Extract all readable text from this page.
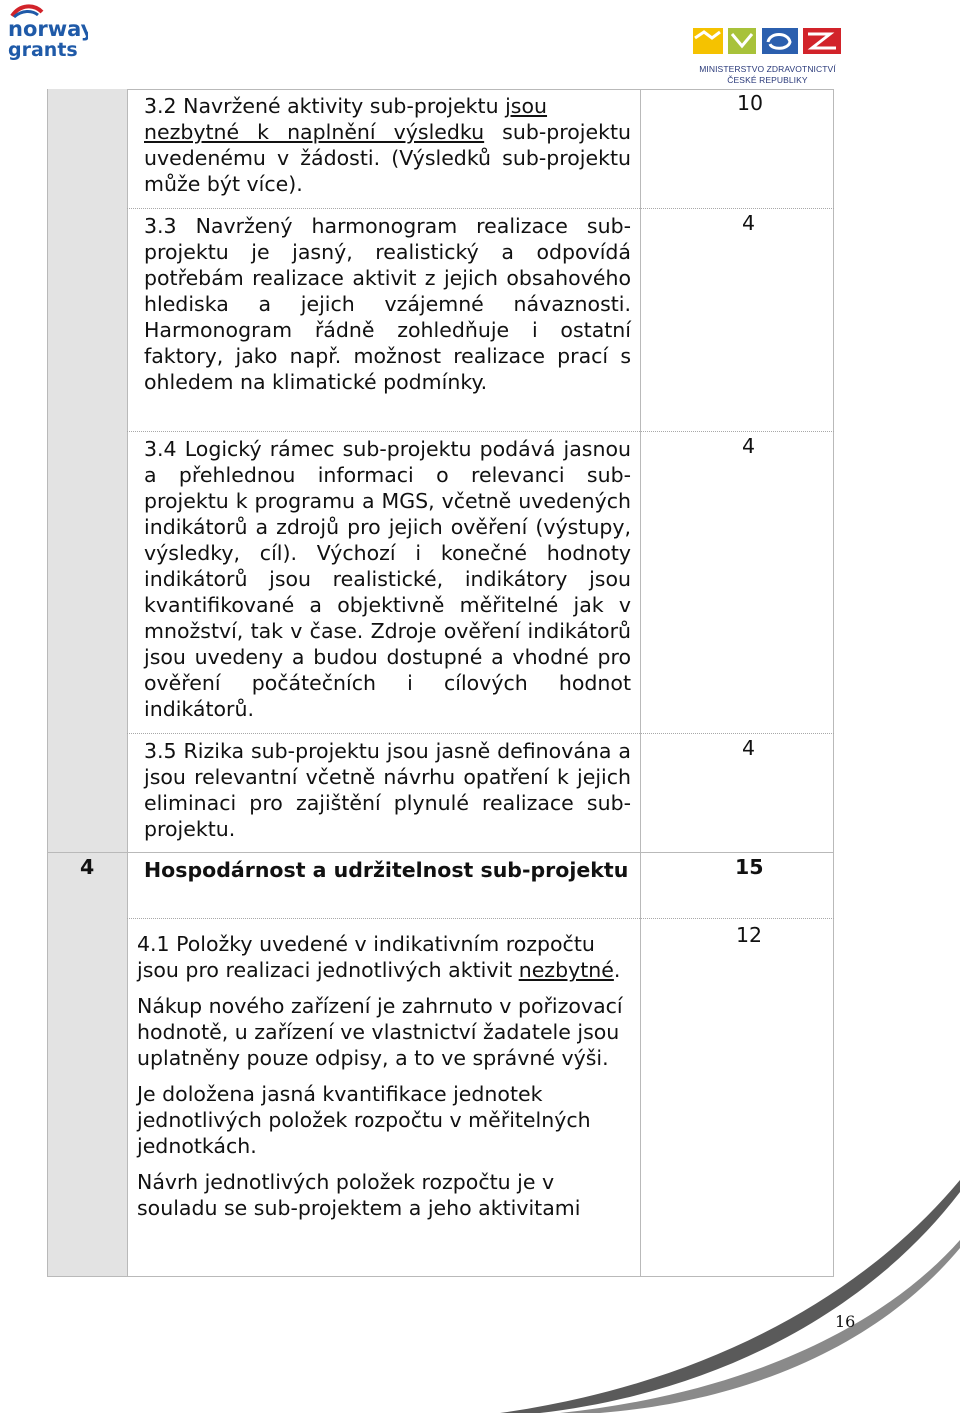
norway
grants
MINISTERSTVO ZDRAVOTNICTVÍ
ČESKÉ REPUBLIKY
3.2 Navržené aktivity sub-projektu jsou
nezbytné k naplnění výsledku sub-projektu uvedenému v žádosti. (Výsledků sub-projektu může být více).
10
3.3 Navržený harmonogram realizace sub-projektu je jasný, realistický a odpovídá potřebám realizace aktivit z jejich obsahového hlediska a jejich vzájemné návaznosti. Harmonogram řádně zohledňuje i ostatní faktory, jako např. možnost realizace prací s ohledem na klimatické podmínky.
4
3.4 Logický rámec sub-projektu podává jasnou a přehlednou informaci o relevanci sub-projektu k programu a MGS, včetně uvedených indikátorů a zdrojů pro jejich ověření (výstupy, výsledky, cíl). Výchozí i konečné hodnoty indikátorů jsou realistické, indikátory jsou kvantifikované a objektivně měřitelné jak v množství, tak v čase. Zdroje ověření indikátorů jsou uvedeny a budou dostupné a vhodné pro ověření počátečních i cílových hodnot indikátorů.
4
3.5 Rizika sub-projektu jsou jasně definována a jsou relevantní včetně návrhu opatření k jejich eliminaci pro zajištění plynulé realizace sub-projektu.
4
4 Hospodárnost a udržitelnost sub-projektu	15

4.1 Položky uvedené v indikativním rozpočtu jsou pro realizaci jednotlivých aktivit nezbytné.

Nákup nového zařízení je zahrnuto v pořizovací hodnotě, u zařízení ve vlastnictví žadatele jsou uplatněny pouze odpisy, a to ve správné výši.

Je doložena jasná kvantifikace jednotek jednotlivých položek rozpočtu v měřitelných jednotkách.

Návrh jednotlivých položek rozpočtu je v souladu se sub-projektem a jeho aktivitami

12
16
